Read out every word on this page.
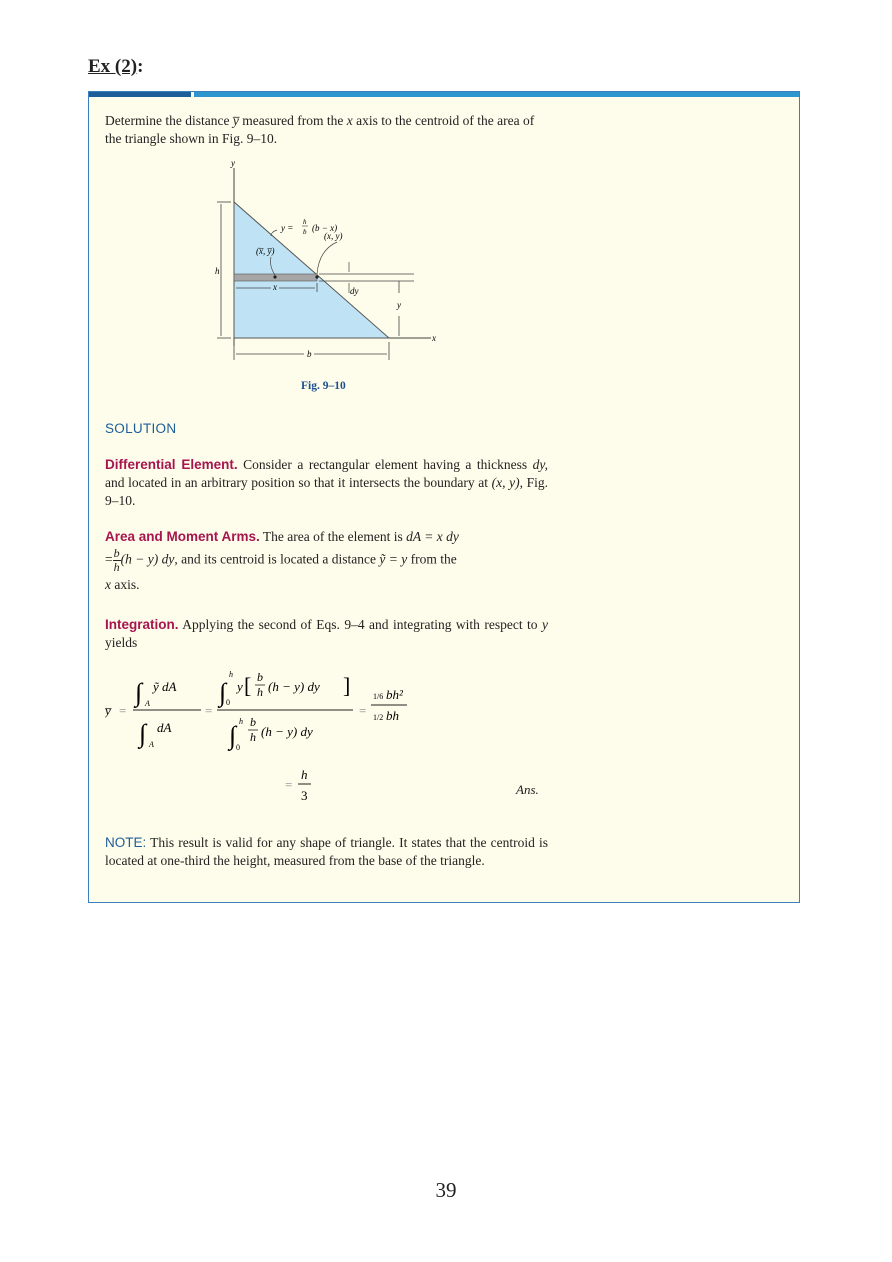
Ex (2):
Determine the distance y̅ measured from the x axis to the centroid of the area of the triangle shown in Fig. 9–10.
y
x
h
b
dy
x
y
(x̅, y̅)
(x, y)
y =
h
b (b − x)
Fig. 9–10
SOLUTION
Differential Element. Consider a rectangular element having a thickness dy, and located in an arbitrary position so that it intersects the boundary at (x, y), Fig. 9–10.
Area and Moment Arms. The area of the element is dA = x dy
= $\frac{b}{h} (h - y)$ dy, and its centroid is located a distance ỹ = y from the
x axis.
Integration. Applying the second of Eqs. 9–4 and integrating with respect to y yields
y̅ =
∫ A
ỹ dA
∫ A
dA
=
∫
h
0
y [ b
h (h − y) dy ]
∫ h
0
b
h (h − y) dy
=
1/6 bh²
1/2 bh
=
h
3	Ans.
NOTE: This result is valid for any shape of triangle. It states that the centroid is located at one-third the height, measured from the base of the triangle.
39
